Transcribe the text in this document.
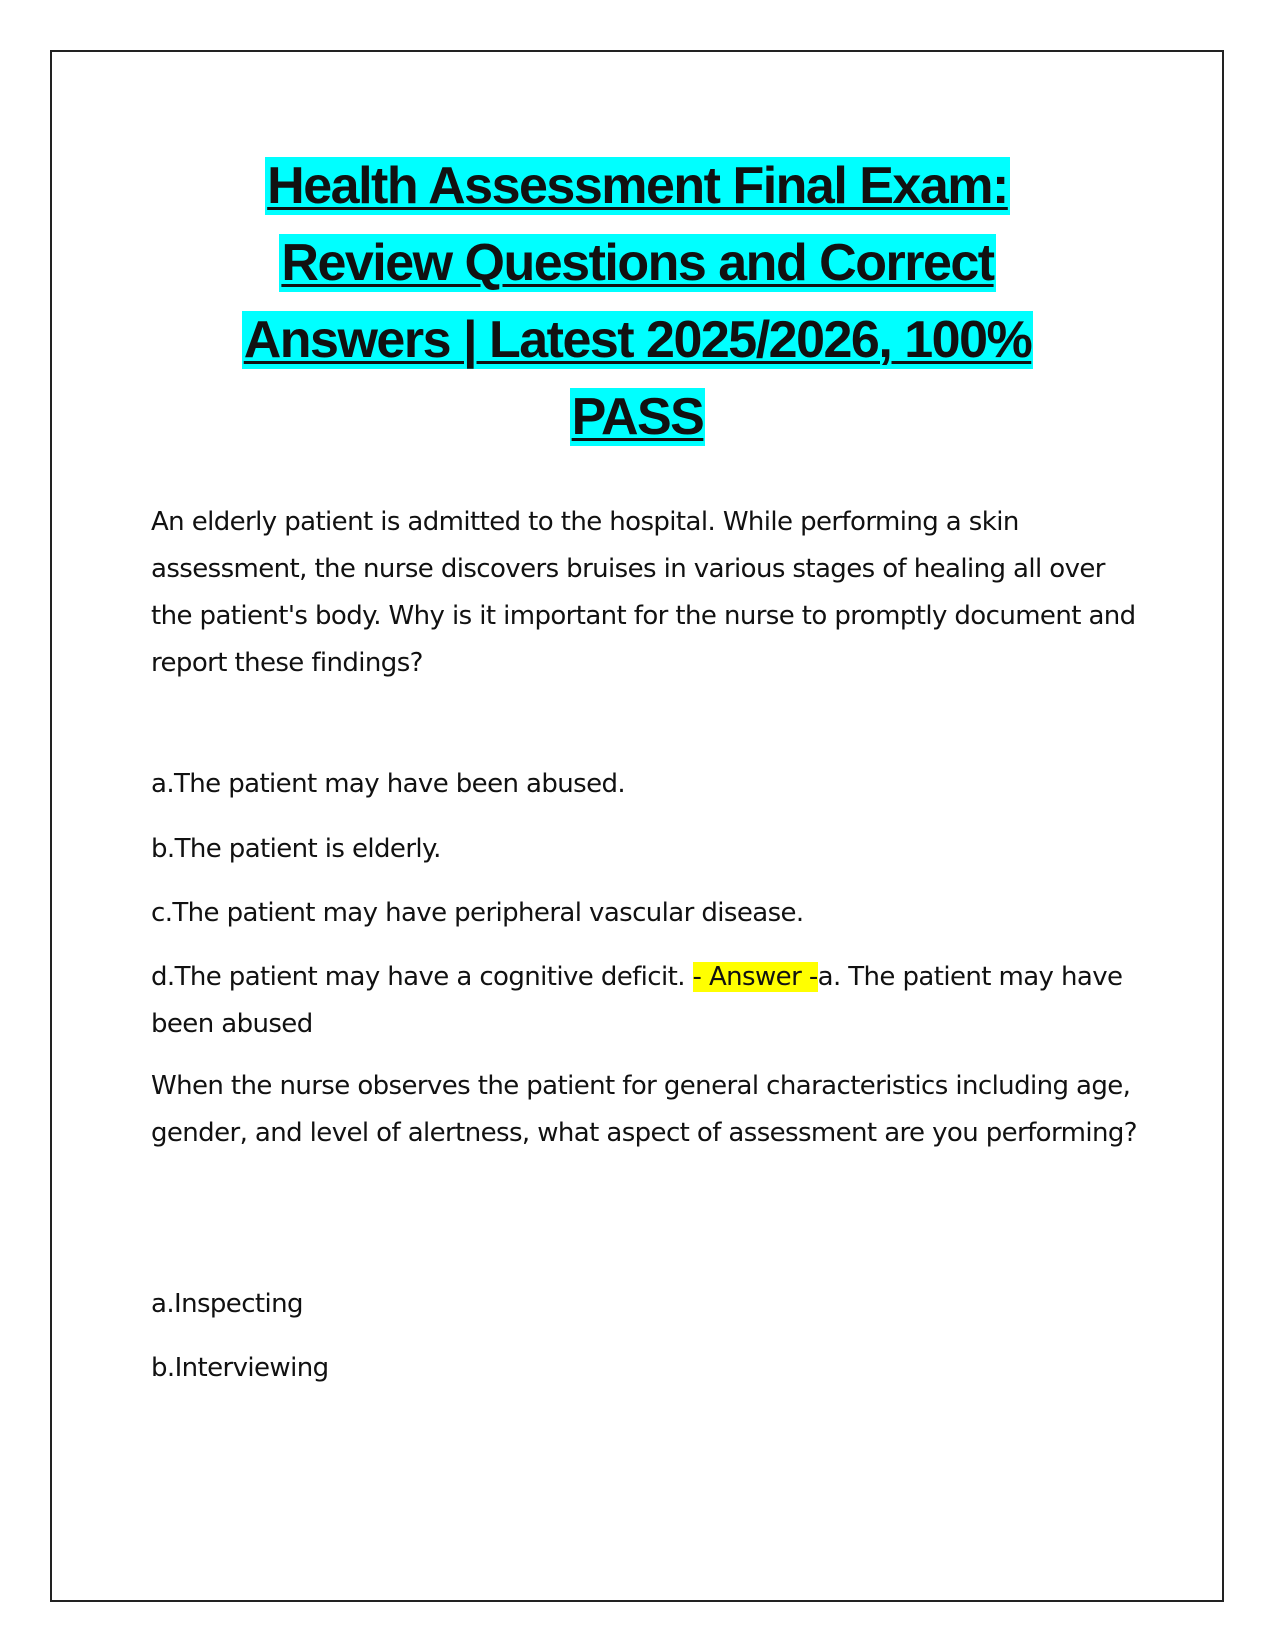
Health Assessment Final Exam:
Review Questions and Correct
Answers | Latest 2025/2026, 100%
PASS

An elderly patient is admitted to the hospital. While performing a skin assessment, the nurse discovers bruises in various stages of healing all over the patient's body. Why is it important for the nurse to promptly document and report these findings?

a.The patient may have been abused.

b.The patient is elderly.

c.The patient may have peripheral vascular disease.

d.The patient may have a cognitive deficit. - Answer -a. The patient may have been abused

When the nurse observes the patient for general characteristics including age, gender, and level of alertness, what aspect of assessment are you performing?

a.Inspecting

b.Interviewing
